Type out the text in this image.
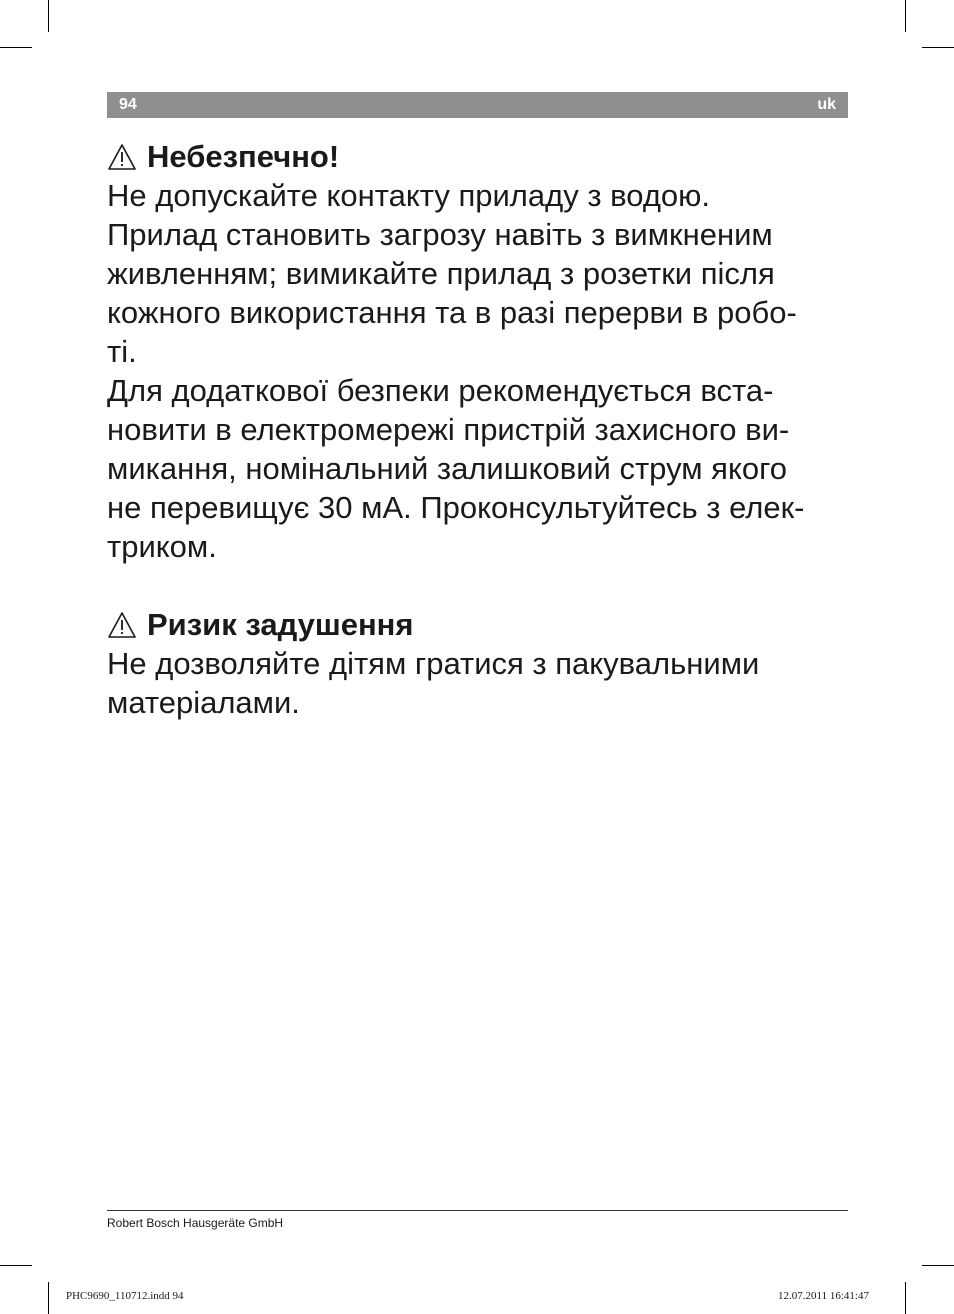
94	uk
Небезпечно!

Не допускайте контакту приладу з водою.

Прилад становить загрозу навіть з вимкненим

живленням; вимикайте прилад з розетки після

кожного використання та в разі перерви в робо-

ті.

Для додаткової безпеки рекомендується вста-

новити в електромережі пристрій захисного ви-

микання, номінальний залишковий струм якого

не перевищує 30 мА. Проконсультуйтесь з елек-

триком.

Ризик задушення

Не дозволяйте дітям гратися з пакувальними

матеріалами.

Robert Bosch Hausgeräte GmbH
PHC9690_110712.indd 94	12.07.2011 16:41:47
